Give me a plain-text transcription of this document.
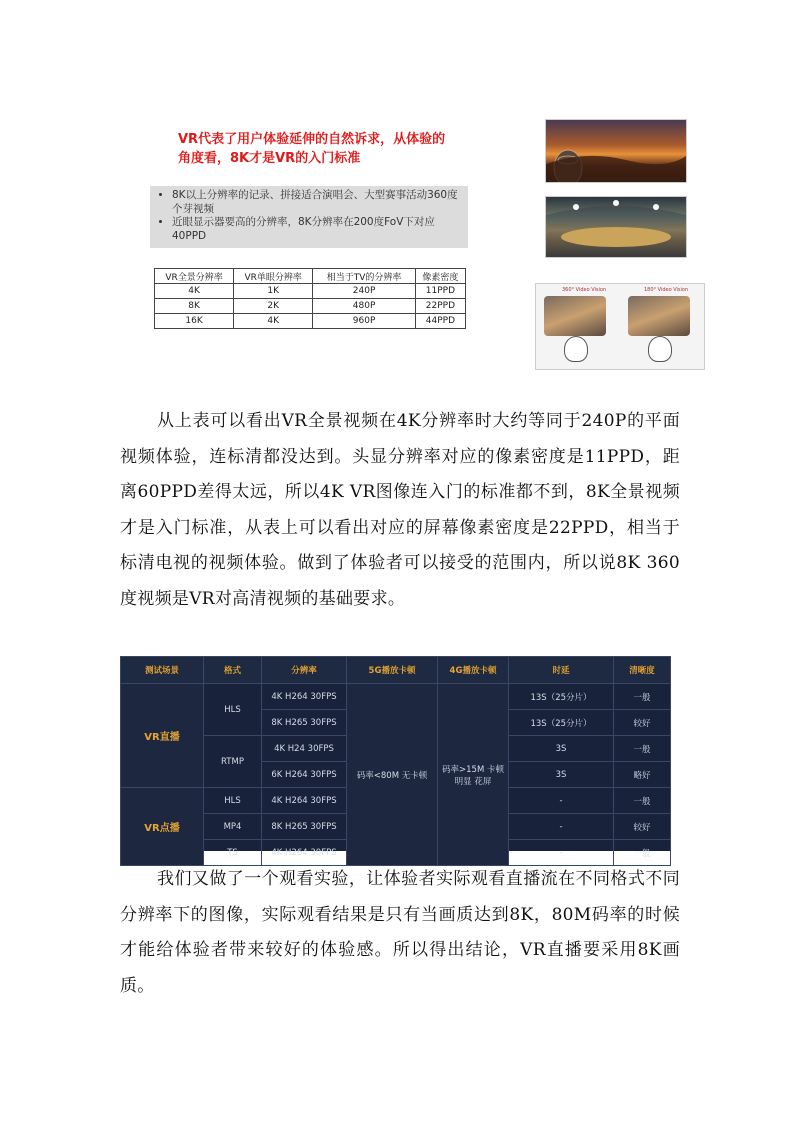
VR代表了用户体验延伸的自然诉求，从体验的角度看，8K才是VR的入门标准
• 8K以上分辨率的记录、拼接适合演唱会、大型赛事活动360度个芽视频
• 近眼显示器要高的分辨率，8K分辨率在200度FoV下对应40PPD
VR全景分辨率	VR单眼分辨率	相当于TV的分辨率	像素密度
4K	1K	240P	11PPD
8K	2K	480P	22PPD
16K	4K	960P	44PPD
360° Video Vision	180° Video Vision

从上表可以看出VR全景视频在4K分辨率时大约等同于240P的平面视频体验，连标清都没达到。头显分辨率对应的像素密度是11PPD，距离60PPD差得太远，所以4K VR图像连入门的标准都不到，8K全景视频才是入门标准，从表上可以看出对应的屏幕像素密度是22PPD，相当于标清电视的视频体验。做到了体验者可以接受的范围内，所以说8K 360度视频是VR对高清视频的基础要求。

测试场景	格式	分辨率	5G播放卡顿	4G播放卡顿	时延	清晰度
VR直播	HLS	4K H264 30FPS	码率<80M 无卡顿	码率>15M 卡顿明显 花屏	13S（25分片）	一般
		8K H265 30FPS			13S（25分片）	较好
	RTMP	4K H24 30FPS			3S	一般
		6K H264 30FPS			3S	略好
VR点播	HLS	4K H264 30FPS			-	一般
	MP4	8K H265 30FPS			-	较好
	TS	4K H264 30FPS			-	一般

我们又做了一个观看实验，让体验者实际观看直播流在不同格式不同分辨率下的图像，实际观看结果是只有当画质达到8K，80M码率的时候才能给体验者带来较好的体验感。所以得出结论，VR直播要采用8K画质。
